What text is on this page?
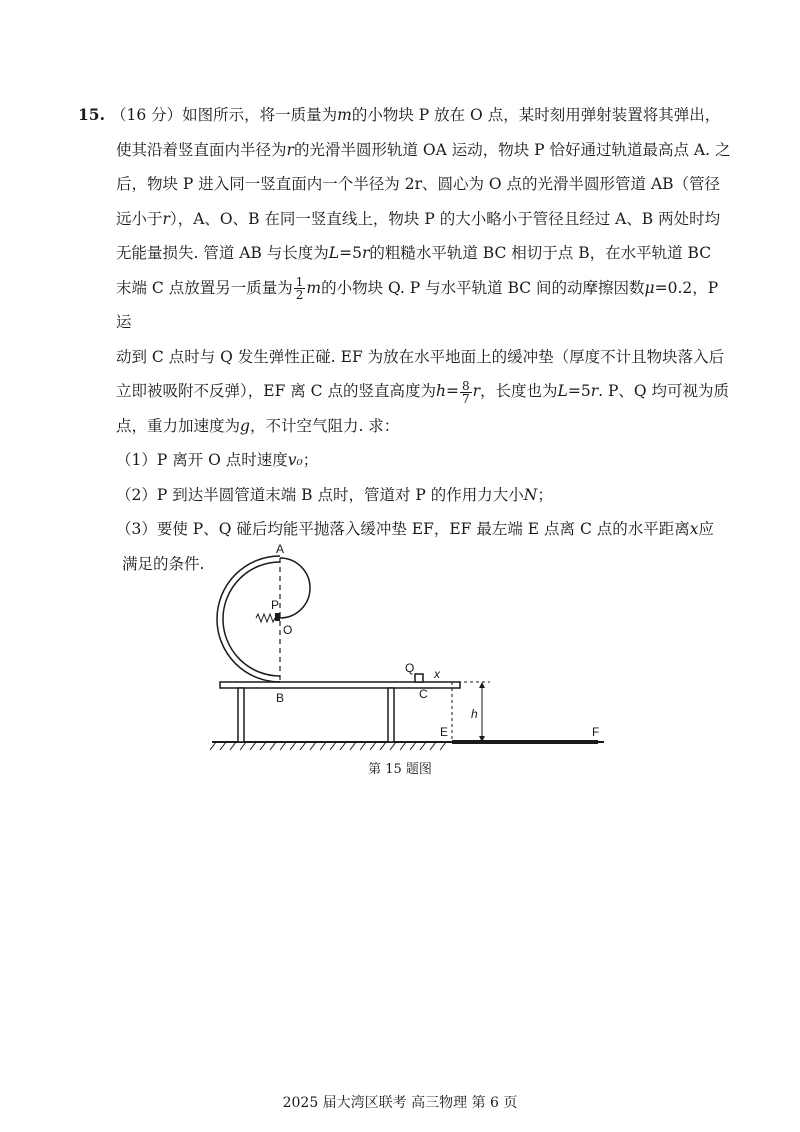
15. （16 分）如图所示，将一质量为m的小物块 P 放在 O 点，某时刻用弹射装置将其弹出，

使其沿着竖直面内半径为r的光滑半圆形轨道 OA 运动，物块 P 恰好通过轨道最高点 A. 之

后，物块 P 进入同一竖直面内一个半径为 2r、圆心为 O 点的光滑半圆形管道 AB（管径

远小于r），A、O、B 在同一竖直线上，物块 P 的大小略小于管径且经过 A、B 两处时均

无能量损失. 管道 AB 与长度为L=5r的粗糙水平轨道 BC 相切于点 B，在水平轨道 BC

末端 C 点放置另一质量为 $\frac{1}{2}$ m的小物块 Q. P 与水平轨道 BC 间的动摩擦因数μ=0.2，P 运

动到 C 点时与 Q 发生弹性正碰. EF 为放在水平地面上的缓冲垫（厚度不计且物块落入后

立即被吸附不反弹），EF 离 C 点的竖直高度为$h= \frac{8}{7}$ r，长度也为L=5r. P、Q 均可视为质

点，重力加速度为g，不计空气阻力. 求：

（1）P 离开 O 点时速度v₀；

（2）P 到达半圆管道末端 B 点时，管道对 P 的作用力大小N；

（3）要使 P、Q 碰后均能平抛落入缓冲垫 EF，EF 最左端 E 点离 C 点的水平距离x应

满足的条件.

A
P
O
B
Q
C
x
h
E	F
第 15 题图
2025 届大湾区联考 高三物理 第 6 页
